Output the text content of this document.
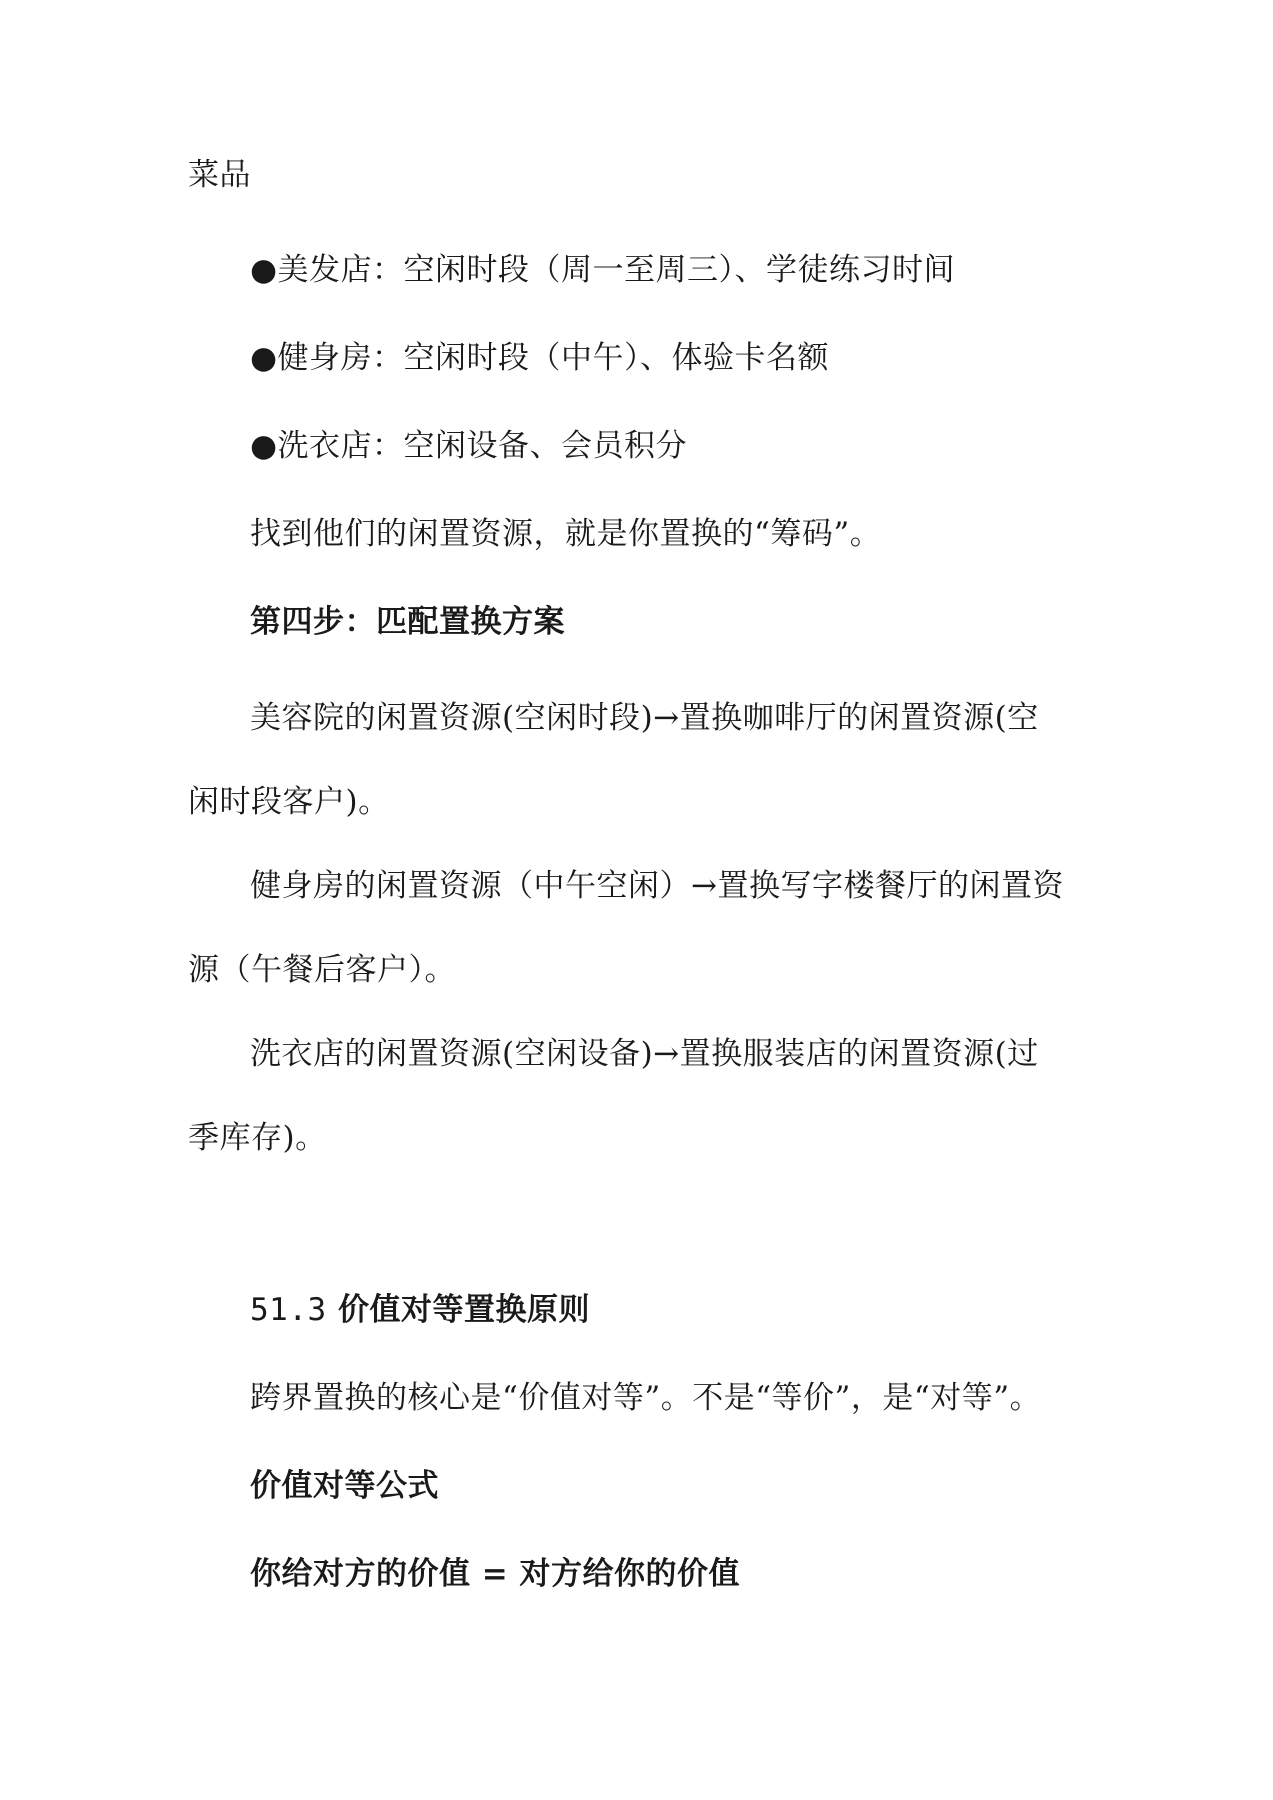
菜品
●美发店：空闲时段（周一至周三）、学徒练习时间
●健身房：空闲时段（中午）、体验卡名额
●洗衣店：空闲设备、会员积分
找到他们的闲置资源，就是你置换的“筹码”。
第四步：匹配置换方案
美容院的闲置资源(空闲时段)→置换咖啡厅的闲置资源(空
闲时段客户)。
健身房的闲置资源（中午空闲）→置换写字楼餐厅的闲置资
源（午餐后客户）。
洗衣店的闲置资源(空闲设备)→置换服装店的闲置资源(过
季库存)。
51.3 价值对等置换原则
跨界置换的核心是“价值对等”。不是“等价”，是“对等”。
价值对等公式
你给对方的价值 = 对方给你的价值
